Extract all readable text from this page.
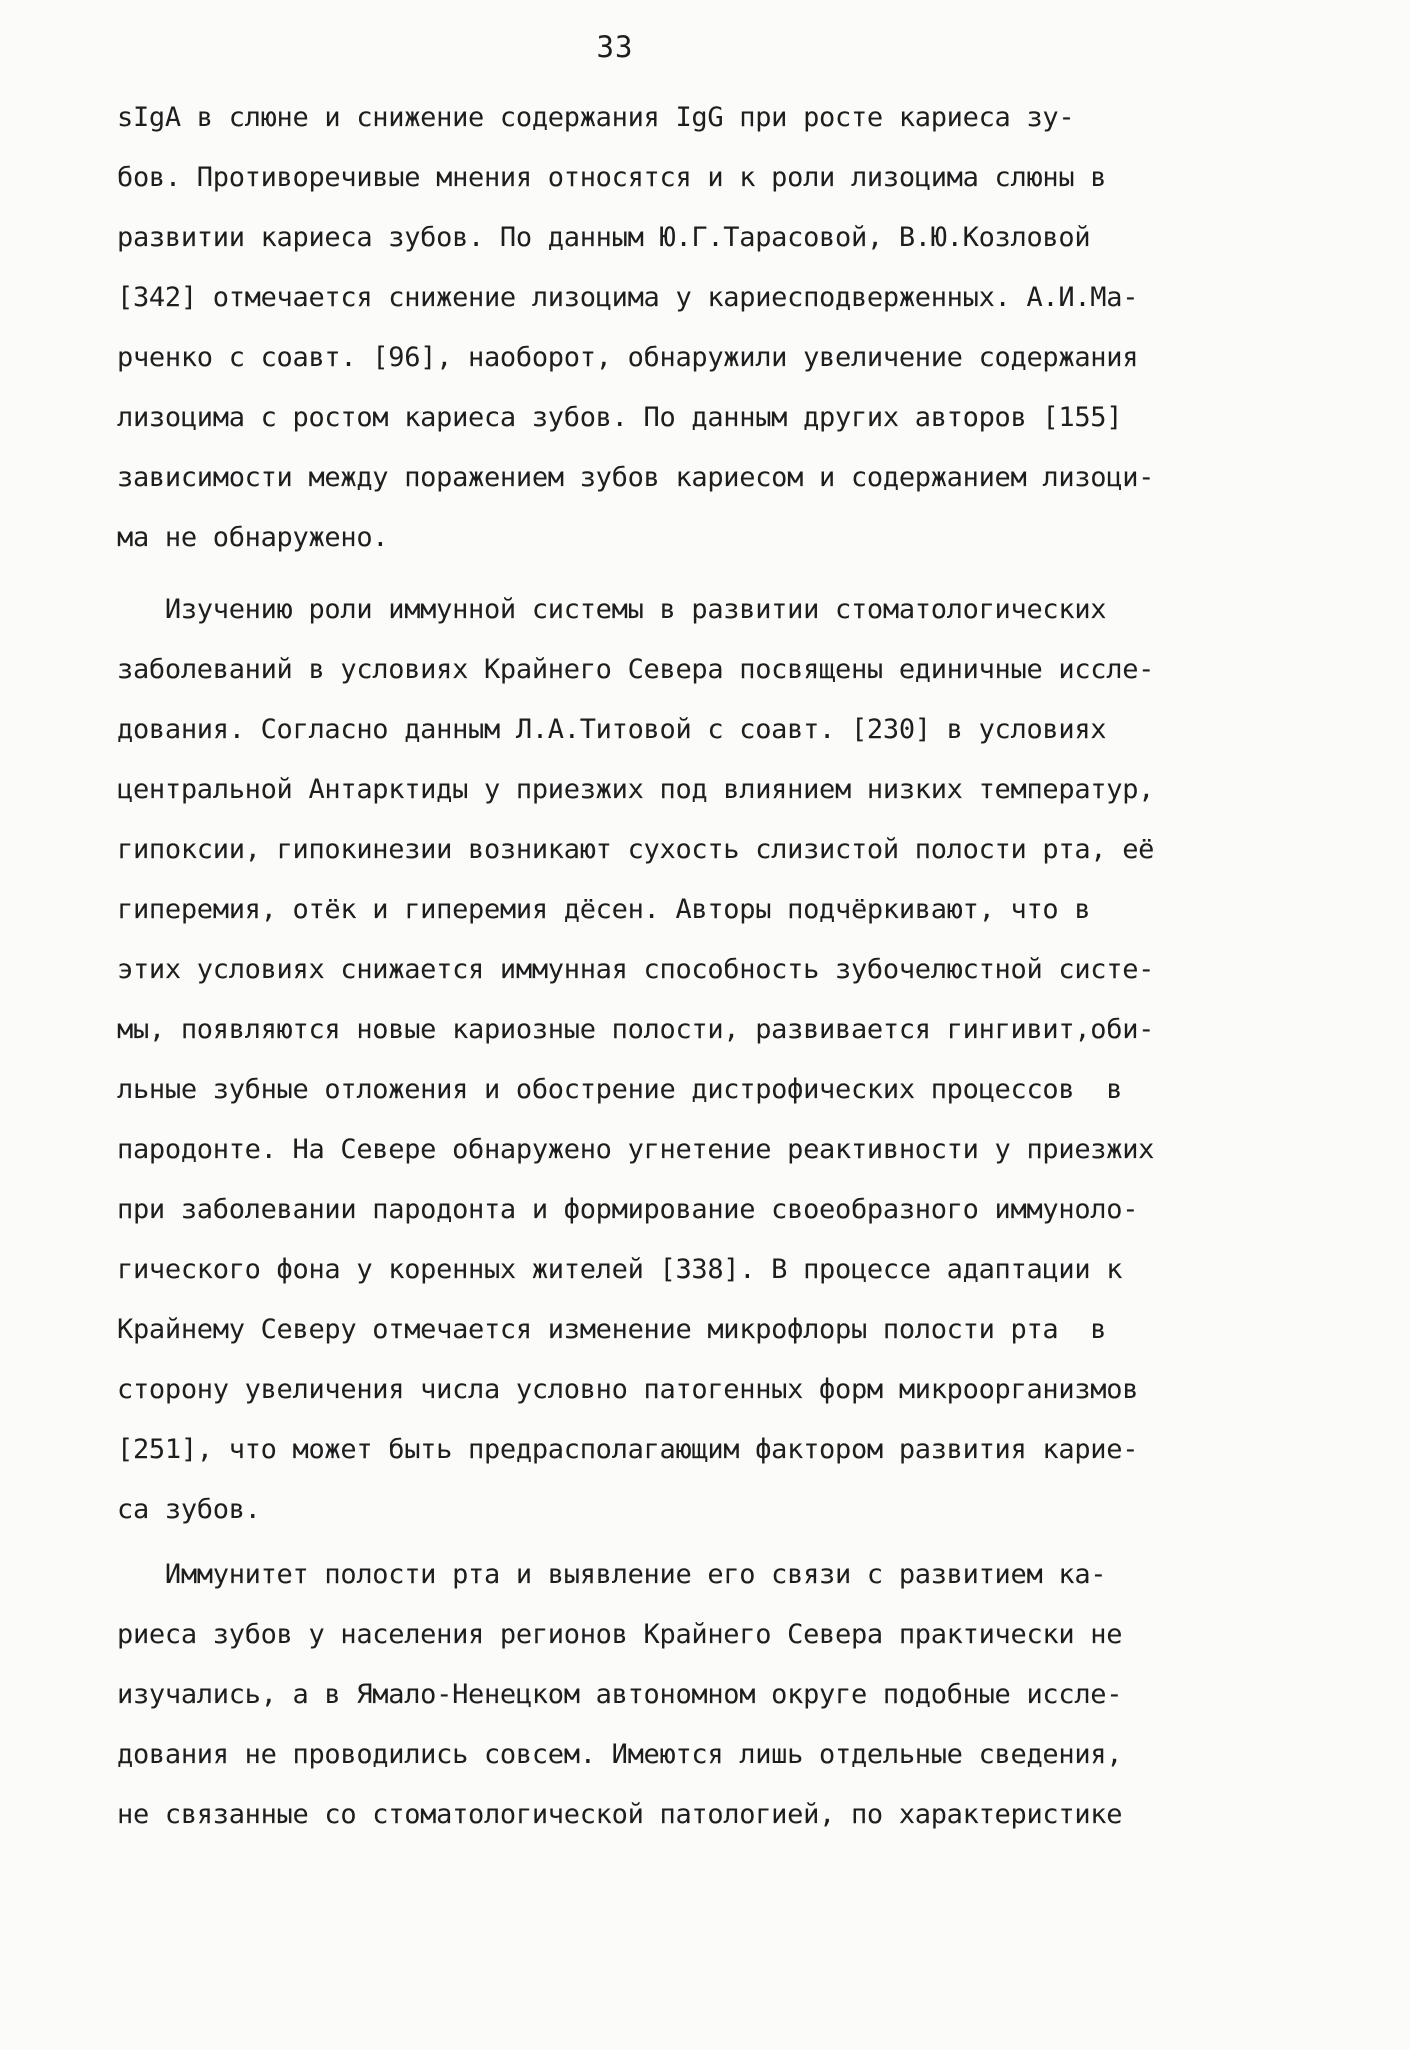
33
sIgA в слюне и снижение содержания IgG при росте кариеса зу-
бов. Противоречивые мнения относятся и к роли лизоцима слюны в
развитии кариеса зубов. По данным Ю.Г.Тарасовой, В.Ю.Козловой
[342] отмечается снижение лизоцима у кариесподверженных. А.И.Ма-
рченко с соавт. [96], наоборот, обнаружили увеличение содержания
лизоцима с ростом кариеса зубов. По данным других авторов [155]
зависимости между поражением зубов кариесом и содержанием лизоци-
ма не обнаружено.
Изучению роли иммунной системы в развитии стоматологических
заболеваний в условиях Крайнего Севера посвящены единичные иссле-
дования. Согласно данным Л.А.Титовой с соавт. [230] в условиях
центральной Антарктиды у приезжих под влиянием низких температур,
гипоксии, гипокинезии возникают сухость слизистой полости рта, её
гиперемия, отёк и гиперемия дёсен. Авторы подчёркивают, что в
этих условиях снижается иммунная способность зубочелюстной систе-
мы, появляются новые кариозные полости, развивается гингивит,оби-
льные зубные отложения и обострение дистрофических процессов  в
пародонте. На Севере обнаружено угнетение реактивности у приезжих
при заболевании пародонта и формирование своеобразного иммуноло-
гического фона у коренных жителей [338]. В процессе адаптации к
Крайнему Северу отмечается изменение микрофлоры полости рта  в
сторону увеличения числа условно патогенных форм микроорганизмов
[251], что может быть предрасполагающим фактором развития карие-
са зубов.
Иммунитет полости рта и выявление его связи с развитием ка-
риеса зубов у населения регионов Крайнего Севера практически не
изучались, а в Ямало-Ненецком автономном округе подобные иссле-
дования не проводились совсем. Имеются лишь отдельные сведения,
не связанные со стоматологической патологией, по характеристике
